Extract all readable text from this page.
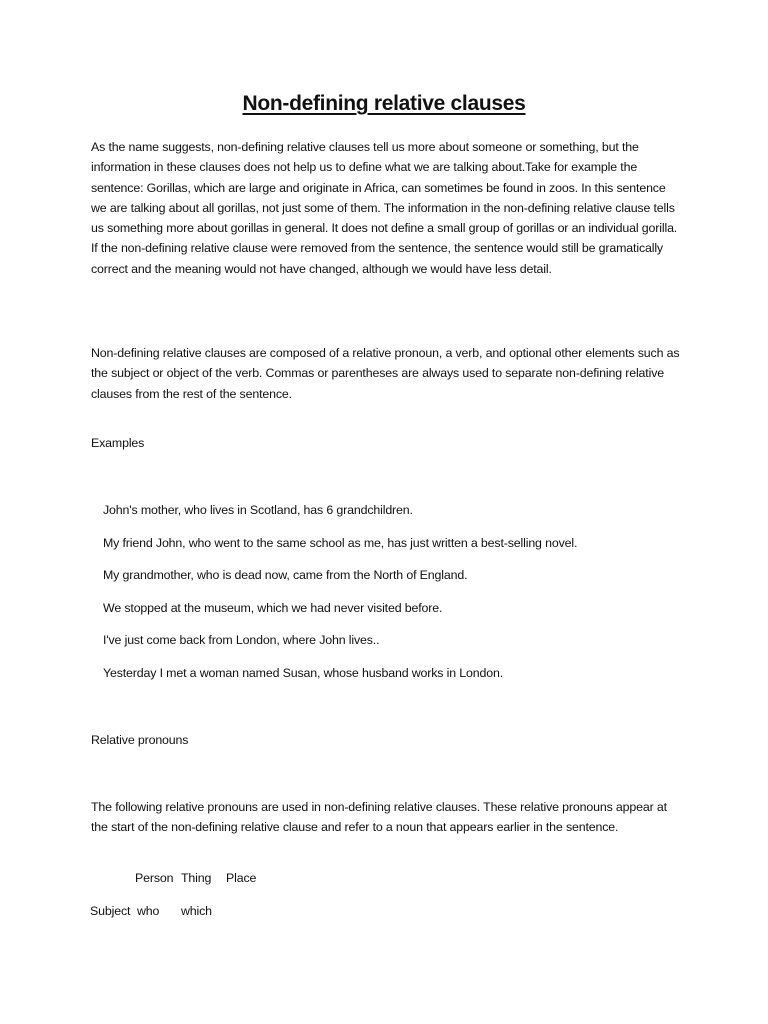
Non-defining relative clauses

As the name suggests, non-defining relative clauses tell us more about someone or something, but the information in these clauses does not help us to define what we are talking about.Take for example the sentence: Gorillas, which are large and originate in Africa, can sometimes be found in zoos. In this sentence we are talking about all gorillas, not just some of them. The information in the non-defining relative clause tells us something more about gorillas in general. It does not define a small group of gorillas or an individual gorilla. If the non-defining relative clause were removed from the sentence, the sentence would still be gramatically correct and the meaning would not have changed, although we would have less detail.

Non-defining relative clauses are composed of a relative pronoun, a verb, and optional other elements such as the subject or object of the verb. Commas or parentheses are always used to separate non-defining relative clauses from the rest of the sentence.

Examples
John's mother, who lives in Scotland, has 6 grandchildren.
My friend John, who went to the same school as me, has just written a best-selling novel.
My grandmother, who is dead now, came from the North of England.
We stopped at the museum, which we had never visited before.
I've just come back from London, where John lives..
Yesterday I met a woman named Susan, whose husband works in London.
Relative pronouns

The following relative pronouns are used in non-defining relative clauses. These relative pronouns appear at the start of the non-defining relative clause and refer to a noun that appears earlier in the sentence.

Person Thing Place
Subject who which
